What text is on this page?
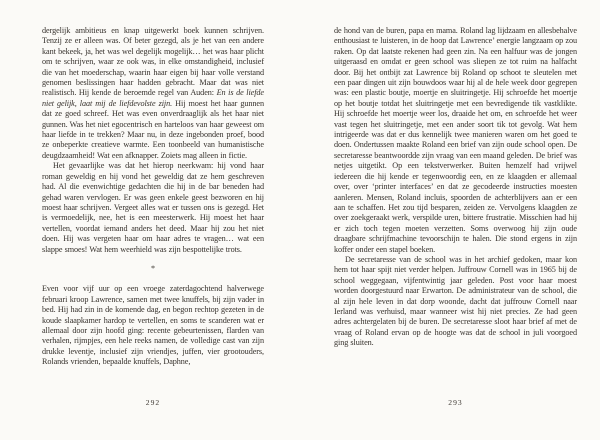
dergelijk ambitieus en knap uitgewerkt boek kunnen schrijven. Tenzij ze er alleen was. Of beter gezegd, als je het van een andere kant bekeek, ja, het was wel degelijk mogelijk… het was haar plicht om te schrijven, waar ze ook was, in elke omstandigheid, inclusief die van het moederschap, waarin haar eigen bij haar volle verstand genomen beslissingen haar hadden gebracht. Maar dat was niet realistisch. Hij kende de beroemde regel van Auden: En is de liefde niet gelijk, laat mij de liefdevolste zijn. Hij moest het haar gunnen dat ze goed schreef. Het was even onverdraaglijk als het haar niet gunnen. Was het niet egocentrisch en harteloos van haar geweest om haar liefde in te trekken? Maar nu, in deze ingebonden proef, bood ze onbeperkte creatieve warmte. Een toonbeeld van humanistische deugdzaamheid! Wat een afknapper. Zoiets mag alleen in fictie.

Het gevaarlijke was dat het hierop neerkwam: hij vond haar roman geweldig en hij vond het geweldig dat ze hem geschreven had. Al die evenwichtige gedachten die hij in de bar beneden had gehad waren vervlogen. Er was geen enkele geest bezworen en hij moest haar schrijven. Vergeet alles wat er tussen ons is gezegd. Het is vermoedelijk, nee, het is een meesterwerk. Hij moest het haar vertellen, voordat iemand anders het deed. Maar hij zou het niet doen. Hij was vergeten haar om haar adres te vragen… wat een slappe smoes! Wat hem weerhield was zijn bespottelijke trots.

*

Even voor vijf uur op een vroege zaterdagochtend halverwege februari kroop Lawrence, samen met twee knuffels, bij zijn vader in bed. Hij had zin in de komende dag, en begon rechtop gezeten in de koude slaapkamer hardop te vertellen, en soms te scanderen wat er allemaal door zijn hoofd ging: recente gebeurtenissen, flarden van verhalen, rijmpjes, een hele reeks namen, de volledige cast van zijn drukke leventje, inclusief zijn vriendjes, juffen, vier grootouders, Rolands vrienden, bepaalde knuffels, Daphne,

de hond van de buren, papa en mama. Roland lag lijdzaam en allesbehalve enthousiast te luisteren, in de hoop dat Lawrence’ energie langzaam op zou raken. Op dat laatste rekenen had geen zin. Na een halfuur was de jongen uitgeraasd en omdat er geen school was sliepen ze tot ruim na halfacht door. Bij het ontbijt zat Lawrence bij Roland op schoot te sleutelen met een paar dingen uit zijn bouwdoos waar hij al de hele week door gegrepen was: een plastic boutje, moertje en sluitringetje. Hij schroefde het moertje op het boutje totdat het sluitringetje met een bevredigende tik vastklikte. Hij schroefde het moertje weer los, draaide het om, en schroefde het weer vast tegen het sluitringetje, met een ander soort tik tot gevolg. Wat hem intrigeerde was dat er dus kennelijk twee manieren waren om het goed te doen. Ondertussen maakte Roland een brief van zijn oude school open. De secretaresse beantwoordde zijn vraag van een maand geleden. De brief was netjes uitgetikt. Op een tekstverwerker. Buiten hemzelf had vrijwel iedereen die hij kende er tegenwoordig een, en ze klaagden er allemaal over, over ‘printer interfaces’ en dat ze gecodeerde instructies moesten aanleren. Mensen, Roland incluis, spoorden de achterblijvers aan er een aan te schaffen. Het zou tijd besparen, zeiden ze. Vervolgens klaagden ze over zoekgeraakt werk, verspilde uren, bittere frustratie. Misschien had hij er zich toch tegen moeten verzetten. Soms overwoog hij zijn oude draagbare schrijfmachine tevoorschijn te halen. Die stond ergens in zijn koffer onder een stapel boeken.

De secretaresse van de school was in het archief gedoken, maar kon hem tot haar spijt niet verder helpen. Juffrouw Cornell was in 1965 bij de school weggegaan, vijfentwintig jaar geleden. Post voor haar moest worden doorgestuurd naar Erwarton. De administrateur van de school, die al zijn hele leven in dat dorp woonde, dacht dat juffrouw Cornell naar Ierland was verhuisd, maar wanneer wist hij niet precies. Ze had geen adres achtergelaten bij de buren. De secretaresse sloot haar brief af met de vraag of Roland ervan op de hoogte was dat de school in juli voorgoed ging sluiten.

292	293
